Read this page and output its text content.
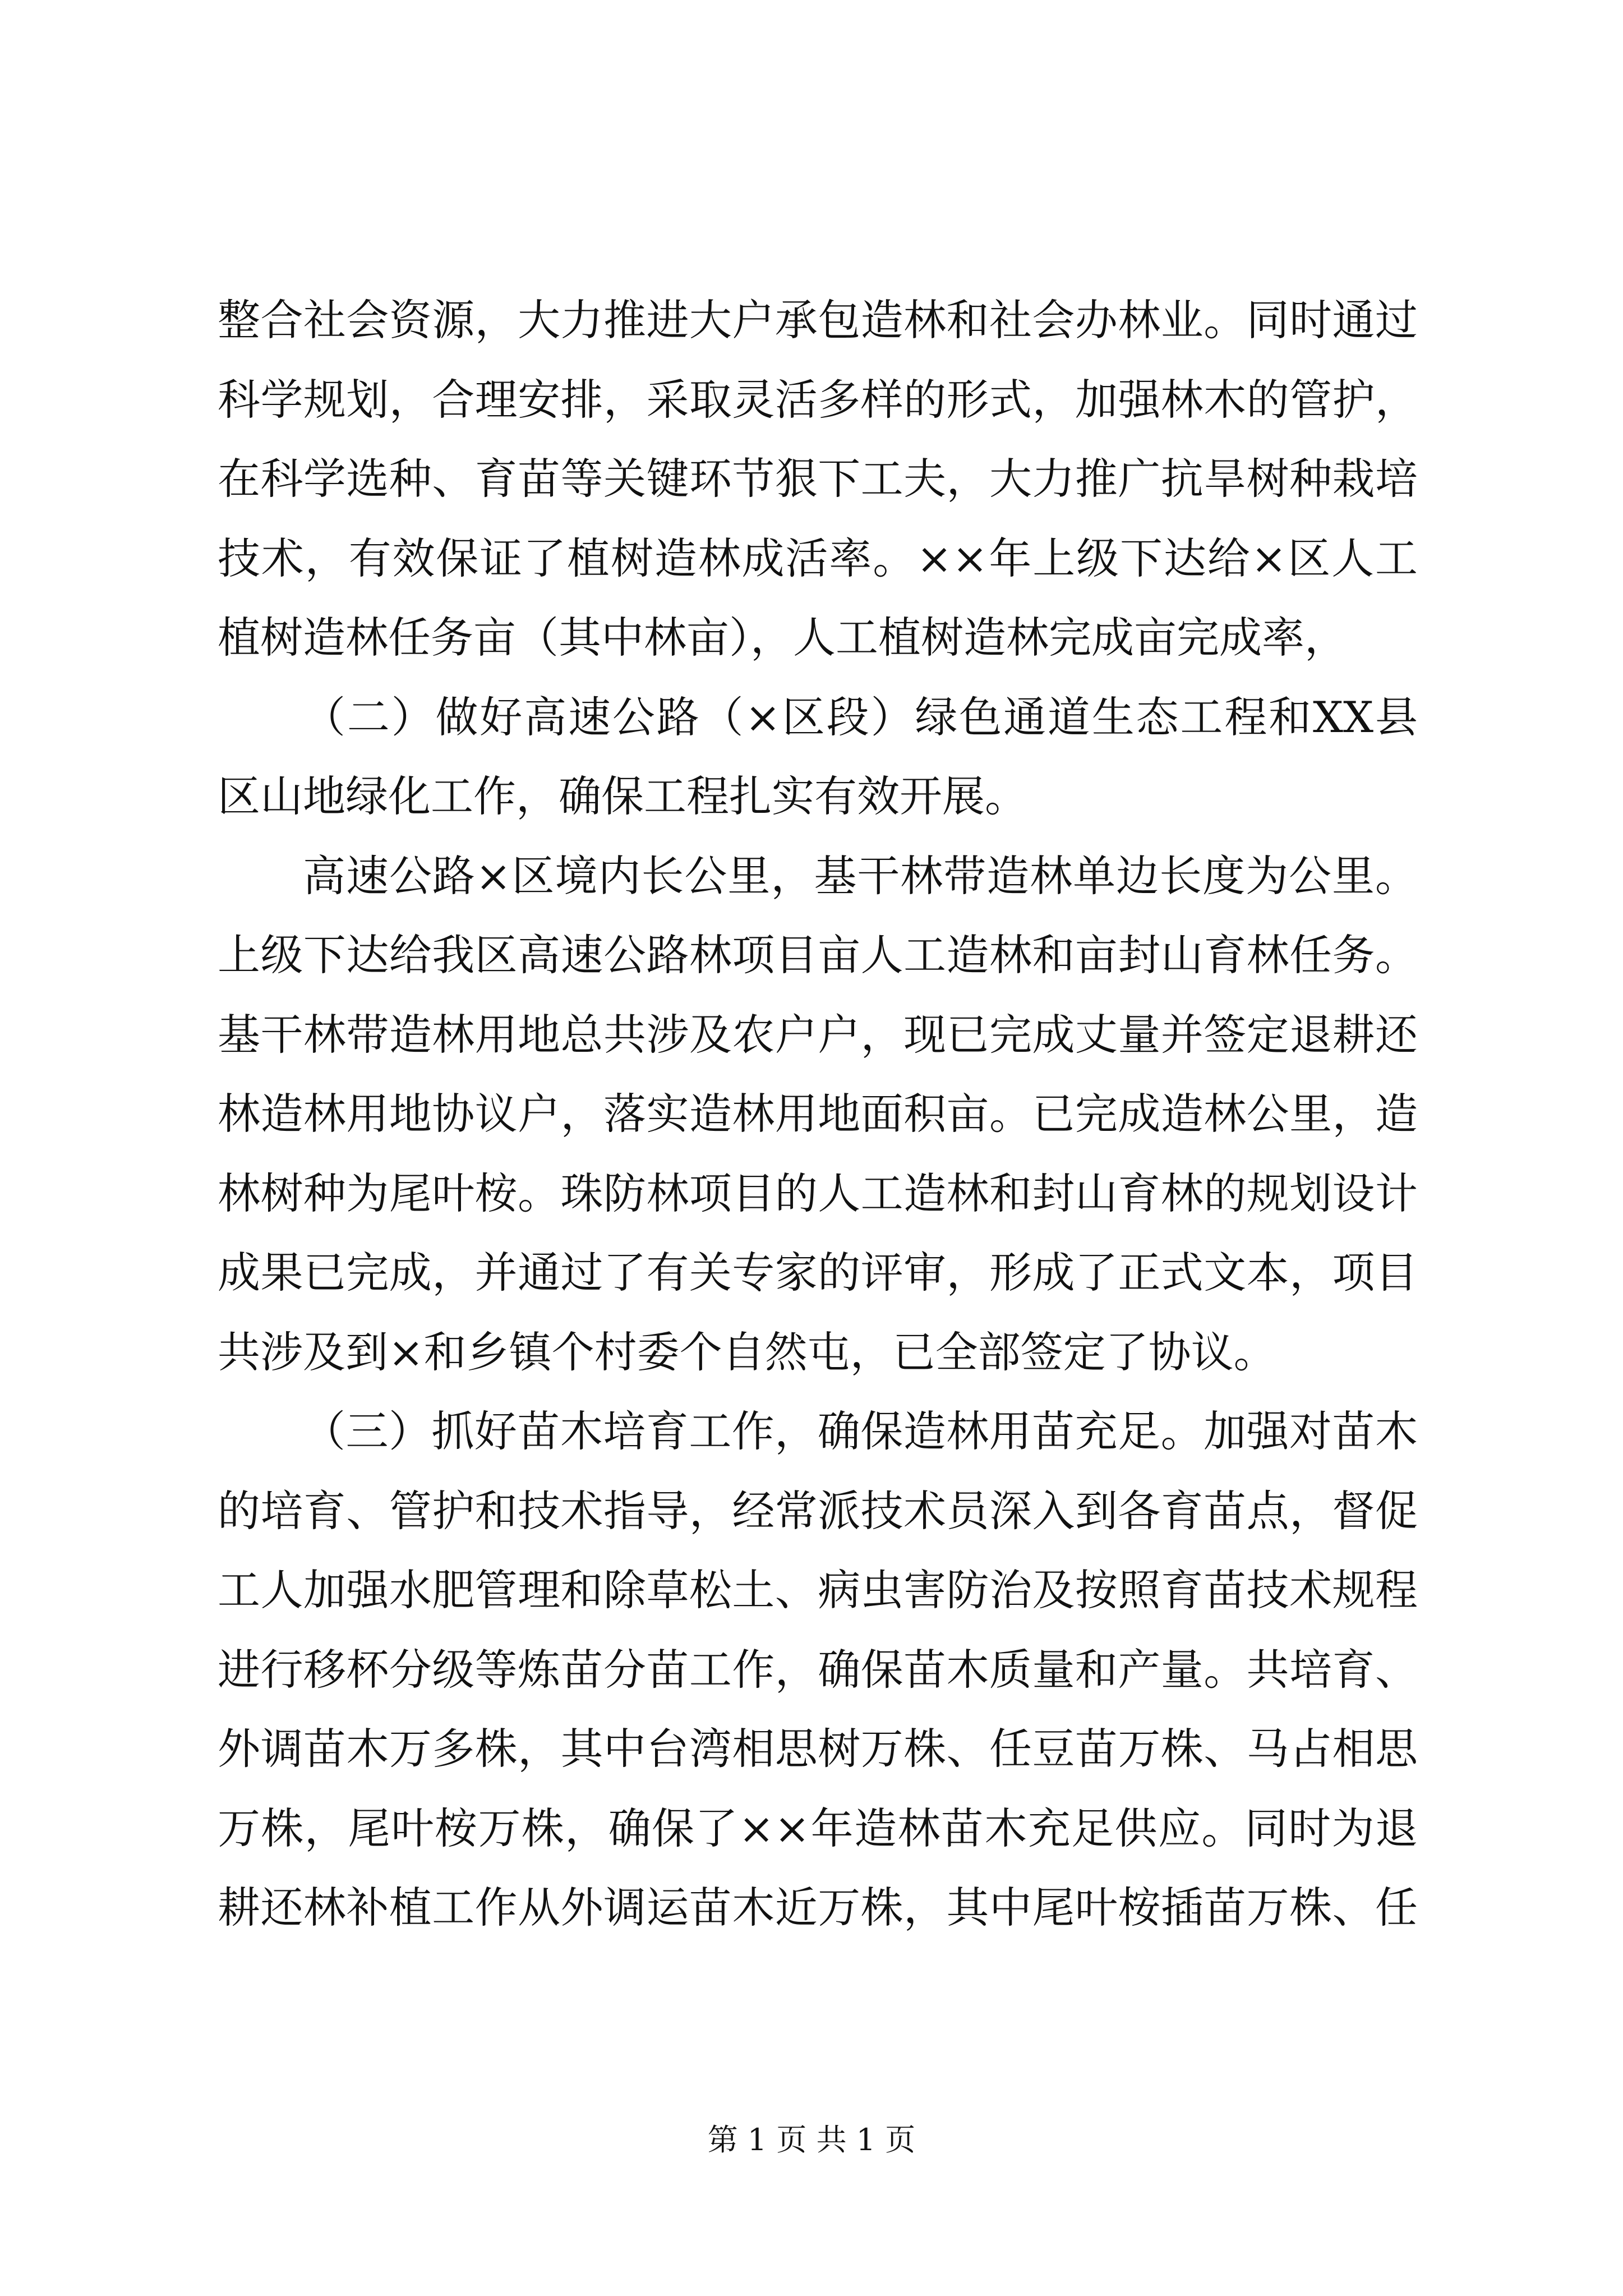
整合社会资源，大力推进大户承包造林和社会办林业。同时通过
科学规划，合理安排，采取灵活多样的形式，加强林木的管护，
在科学选种、育苗等关键环节狠下工夫，大力推广抗旱树种栽培
技术，有效保证了植树造林成活率。××年上级下达给×区人工
植树造林任务亩（其中林亩），人工植树造林完成亩完成率，
（二）做好高速公路（×区段）绿色通道生态工程和XX县
区山地绿化工作，确保工程扎实有效开展。
高速公路×区境内长公里，基干林带造林单边长度为公里。
上级下达给我区高速公路林项目亩人工造林和亩封山育林任务。
基干林带造林用地总共涉及农户户，现已完成丈量并签定退耕还
林造林用地协议户，落实造林用地面积亩。已完成造林公里，造
林树种为尾叶桉。珠防林项目的人工造林和封山育林的规划设计
成果已完成，并通过了有关专家的评审，形成了正式文本，项目
共涉及到×和乡镇个村委个自然屯，已全部签定了协议。
（三）抓好苗木培育工作，确保造林用苗充足。加强对苗木
的培育、管护和技术指导，经常派技术员深入到各育苗点，督促
工人加强水肥管理和除草松土、病虫害防治及按照育苗技术规程
进行移杯分级等炼苗分苗工作，确保苗木质量和产量。共培育、
外调苗木万多株，其中台湾相思树万株、任豆苗万株、马占相思
万株，尾叶桉万株，确保了××年造林苗木充足供应。同时为退
耕还林补植工作从外调运苗木近万株，其中尾叶桉插苗万株、任
第 1 页 共 1 页
